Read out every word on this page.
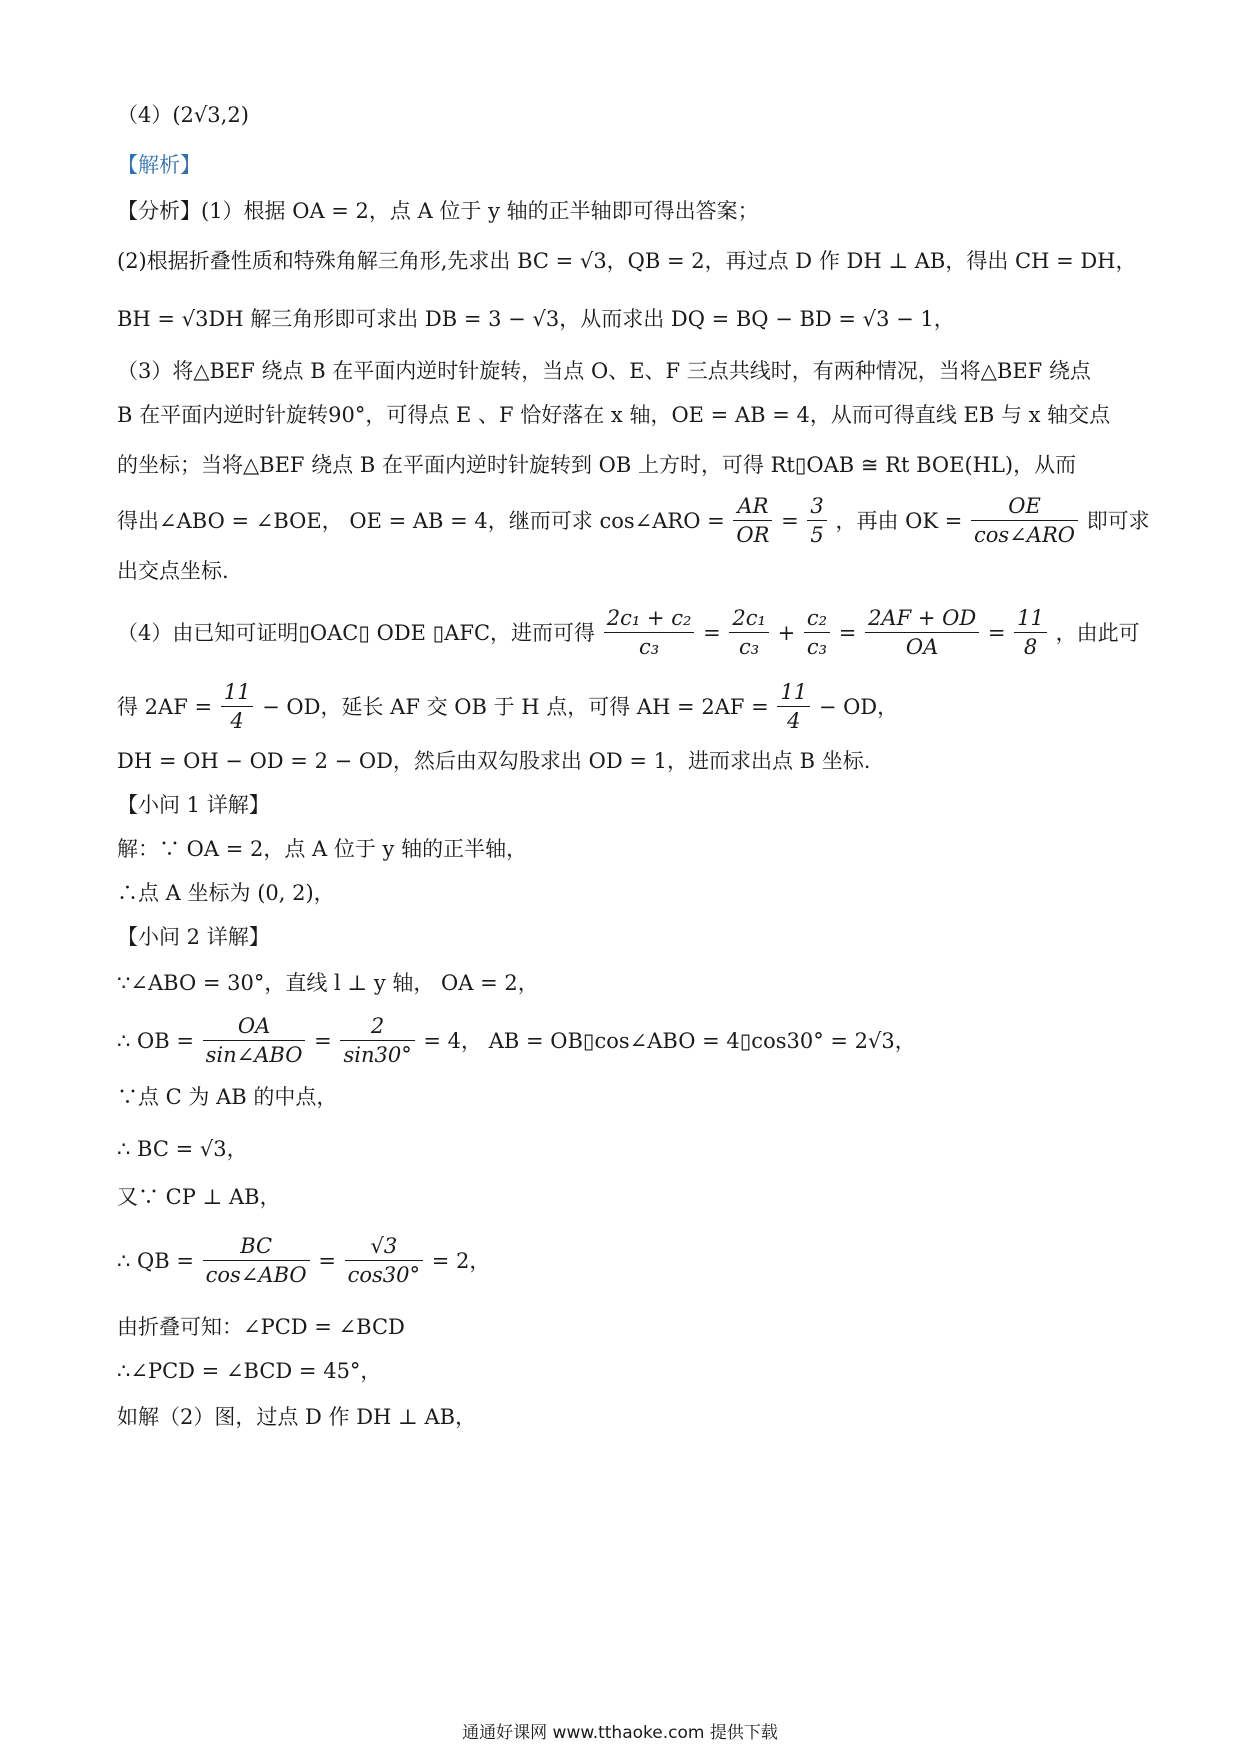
（4）(2√3,2)
【解析】
【分析】(1）根据 OA = 2，点 A 位于 y 轴的正半轴即可得出答案；
(2)根据折叠性质和特殊角解三角形,先求出 BC = √3，QB = 2，再过点 D 作 DH ⊥ AB，得出 CH = DH，
BH = √3DH 解三角形即可求出 DB = 3 − √3，从而求出 DQ = BQ − BD = √3 − 1，
（3）将△BEF 绕点 B 在平面内逆时针旋转，当点 O、E、F 三点共线时，有两种情况，当将△BEF 绕点
B 在平面内逆时针旋转90°，可得点 E 、F 恰好落在 x 轴，OE = AB = 4，从而可得直线 EB 与 x 轴交点
的坐标；当将△BEF 绕点 B 在平面内逆时针旋转到 OB 上方时，可得 Rt▯OAB ≅ Rt BOE(HL)，从而
得出∠ABO = ∠BOE， OE = AB = 4，继而可求 cos∠ARO = $\frac{AR}{OR} = \frac{3}{5}$ ，再由 OK = $\frac{OE}{\text{cos∠ARO}}$ 即可求
出交点坐标.
（4）由已知可证明▯OAC▯ ODE ▯AFC，进而可得 $\frac{\text{2c₁ + c₂}}{\text{c₃}} = \frac{\text{2c₁}}{\text{c₃}} + \frac{\text{c₂}}{\text{c₃}} = \frac{2AF + OD}{OA} = \frac{11}{8}$ ，由此可
得 $2AF = \frac{11}{4}$ − OD，延长 AF 交 OB 于 H 点，可得 AH = $2AF = \frac{11}{4}$ − OD，
DH = OH − OD = 2 − OD，然后由双勾股求出 OD = 1，进而求出点 B 坐标.
【小问 1 详解】
解：∵ OA = 2，点 A 位于 y 轴的正半轴，
∴点 A 坐标为 (0, 2)，
【小问 2 详解】
∵∠ABO = 30°，直线 l ⊥ y 轴， OA = 2，
∴ OB = $\frac{OA}{\text{sin∠ABO}} = \frac{2}{\sin 30^\circ} = 4$， AB = OB▯cos∠ABO = 4▯cos30° = 2√3，
∵点 C 为 AB 的中点，
∴ BC = √3，
又∵ CP ⊥ AB，
∴ QB = $\frac{BC}{\text{cos∠ABO}} = \frac{√3}{\cos 30^\circ} = 2$，
由折叠可知：∠PCD = ∠BCD
∴∠PCD = ∠BCD = 45°，
如解（2）图，过点 D 作 DH ⊥ AB，
通通好课网 www.tthaoke.com 提供下载
